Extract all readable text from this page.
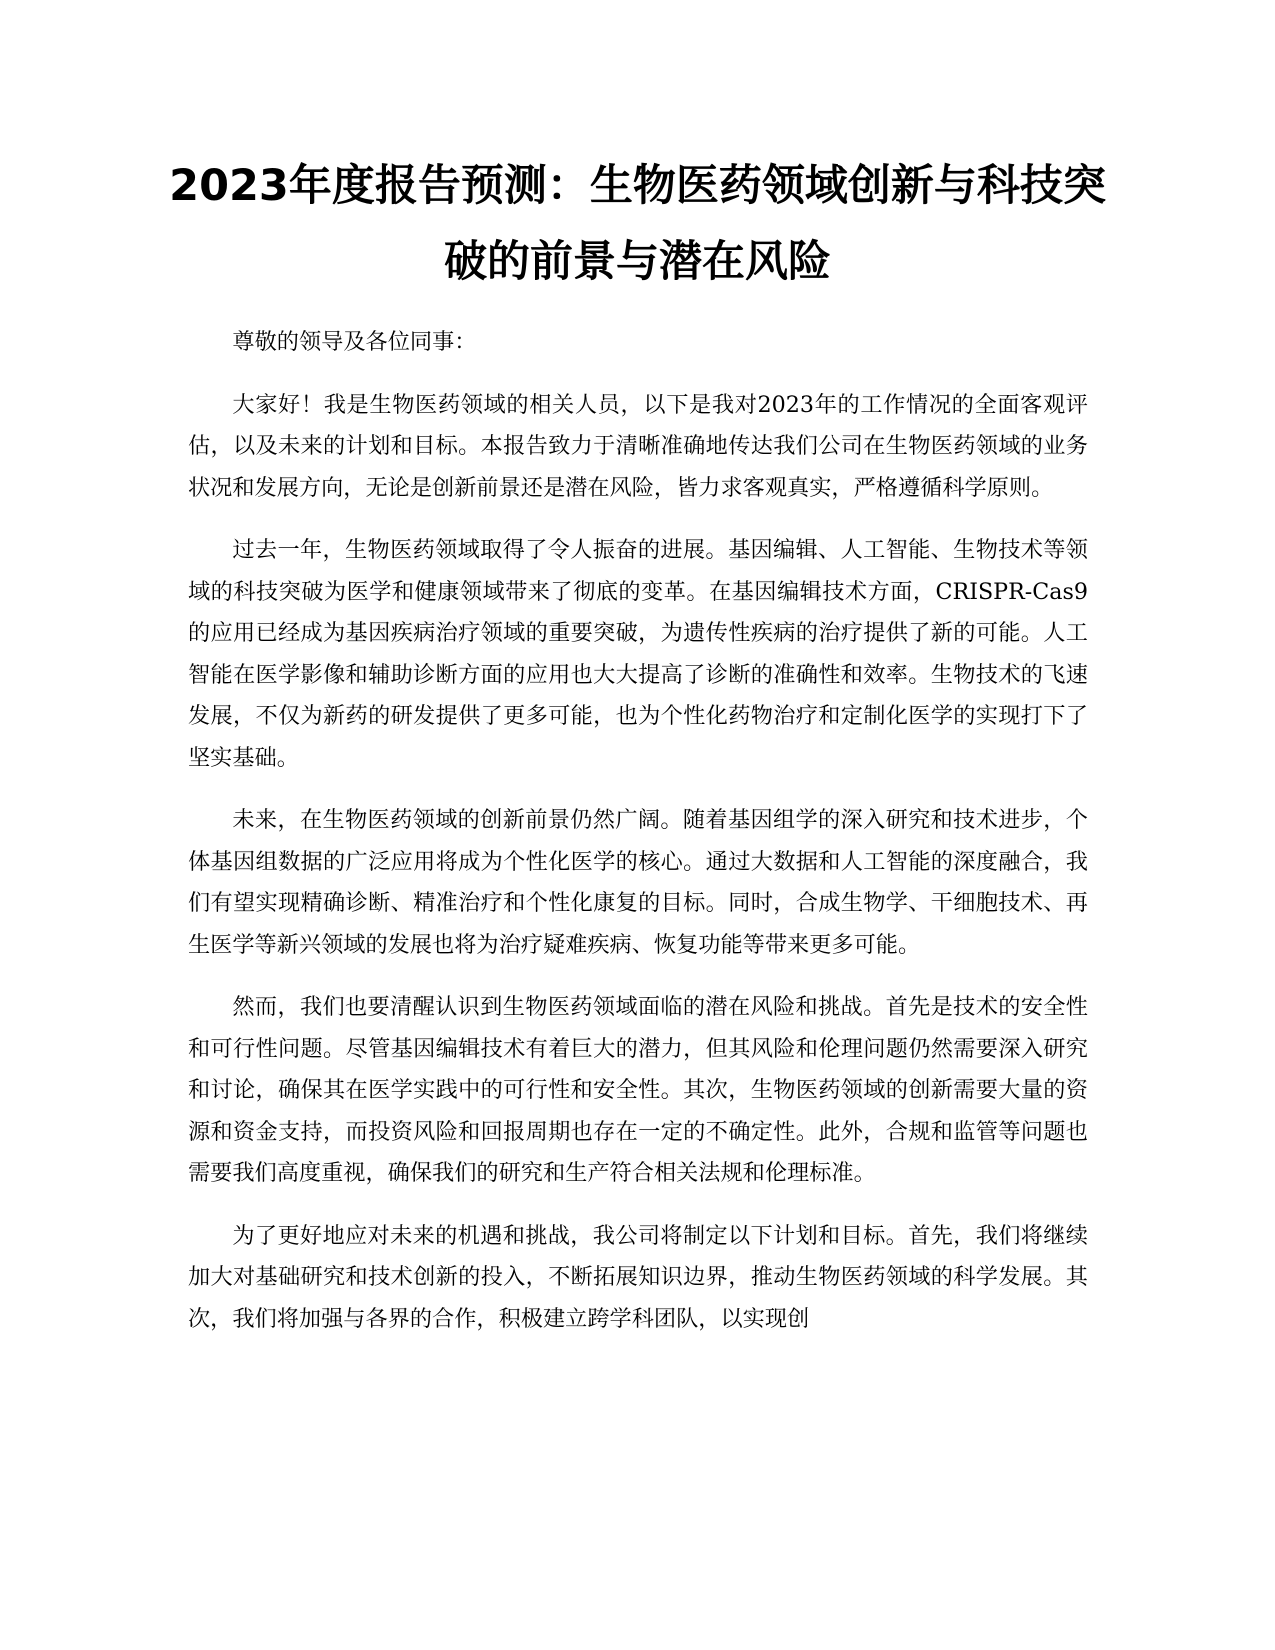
2023年度报告预测：生物医药领域创新与科技突破的前景与潜在风险

尊敬的领导及各位同事：

大家好！我是生物医药领域的相关人员，以下是我对2023年的工作情况的全面客观评估，以及未来的计划和目标。本报告致力于清晰准确地传达我们公司在生物医药领域的业务状况和发展方向，无论是创新前景还是潜在风险，皆力求客观真实，严格遵循科学原则。

过去一年，生物医药领域取得了令人振奋的进展。基因编辑、人工智能、生物技术等领域的科技突破为医学和健康领域带来了彻底的变革。在基因编辑技术方面，CRISPR-Cas9的应用已经成为基因疾病治疗领域的重要突破，为遗传性疾病的治疗提供了新的可能。人工智能在医学影像和辅助诊断方面的应用也大大提高了诊断的准确性和效率。生物技术的飞速发展，不仅为新药的研发提供了更多可能，也为个性化药物治疗和定制化医学的实现打下了坚实基础。

未来，在生物医药领域的创新前景仍然广阔。随着基因组学的深入研究和技术进步，个体基因组数据的广泛应用将成为个性化医学的核心。通过大数据和人工智能的深度融合，我们有望实现精确诊断、精准治疗和个性化康复的目标。同时，合成生物学、干细胞技术、再生医学等新兴领域的发展也将为治疗疑难疾病、恢复功能等带来更多可能。

然而，我们也要清醒认识到生物医药领域面临的潜在风险和挑战。首先是技术的安全性和可行性问题。尽管基因编辑技术有着巨大的潜力，但其风险和伦理问题仍然需要深入研究和讨论，确保其在医学实践中的可行性和安全性。其次，生物医药领域的创新需要大量的资源和资金支持，而投资风险和回报周期也存在一定的不确定性。此外，合规和监管等问题也需要我们高度重视，确保我们的研究和生产符合相关法规和伦理标准。

为了更好地应对未来的机遇和挑战，我公司将制定以下计划和目标。首先，我们将继续加大对基础研究和技术创新的投入，不断拓展知识边界，推动生物医药领域的科学发展。其次，我们将加强与各界的合作，积极建立跨学科团队，以实现创
